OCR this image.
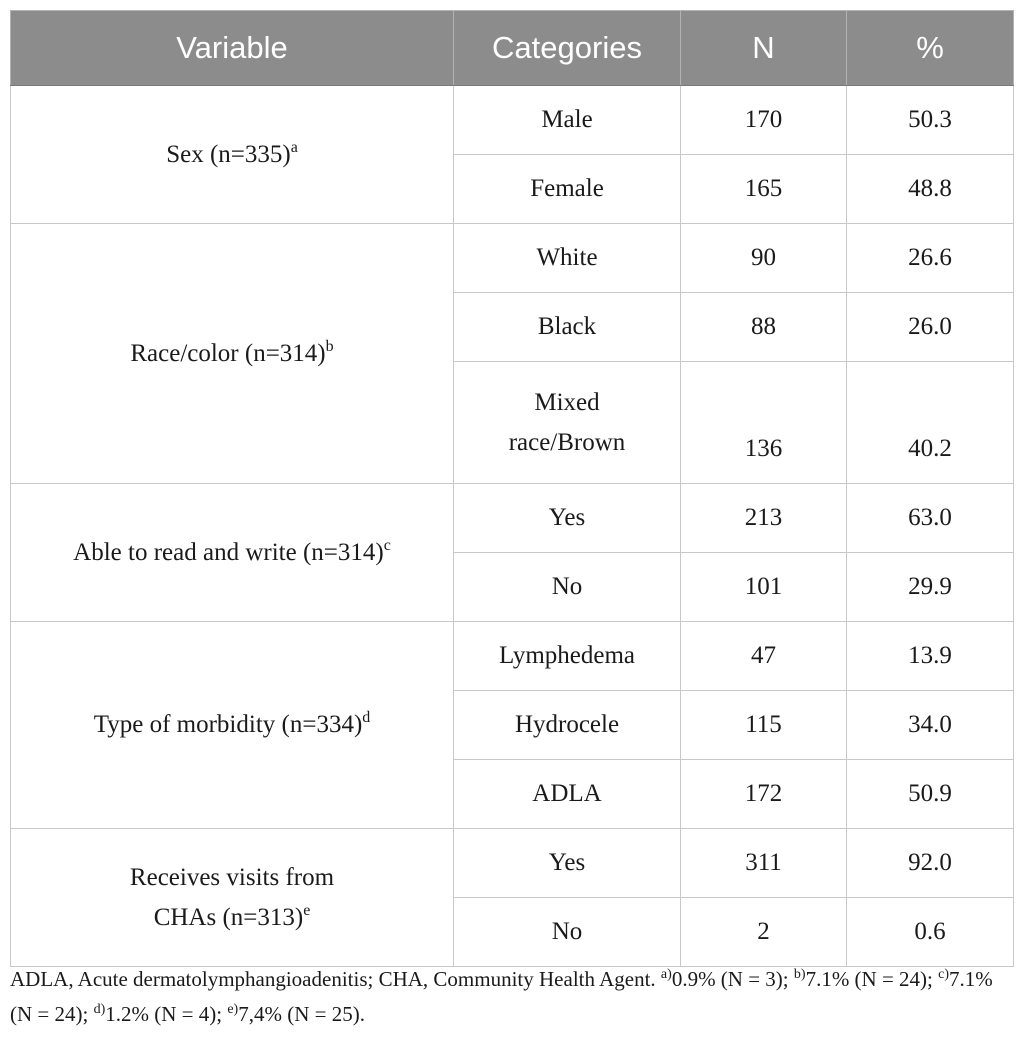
Variable	Categories	N	%
Sex (n=335)$^a$	Male	170	50.3
	Female	165	48.8
Race/color (n=314)$^b$	White	90	26.6
	Black	88	26.0
	Mixed race/Brown	136	40.2
Able to read and write (n=314)$^c$	Yes	213	63.0
	No	101	29.9
Type of morbidity (n=334)$^d$	Lymphedema	47	13.9
	Hydrocele	115	34.0
	ADLA	172	50.9
Receives visits from CHAs (n=313)$^e$	Yes	311	92.0
	No	2	0.6
ADLA, Acute dermatolymphangioadenitis; CHA, Community Health Agent. $^{a)}$0.9% (N = 3); $^{b)}$7.1% (N = 24); $^{c)}$7.1% (N = 24); $^{d)}$1.2% (N = 4); $^{e)}$7,4% (N = 25).
